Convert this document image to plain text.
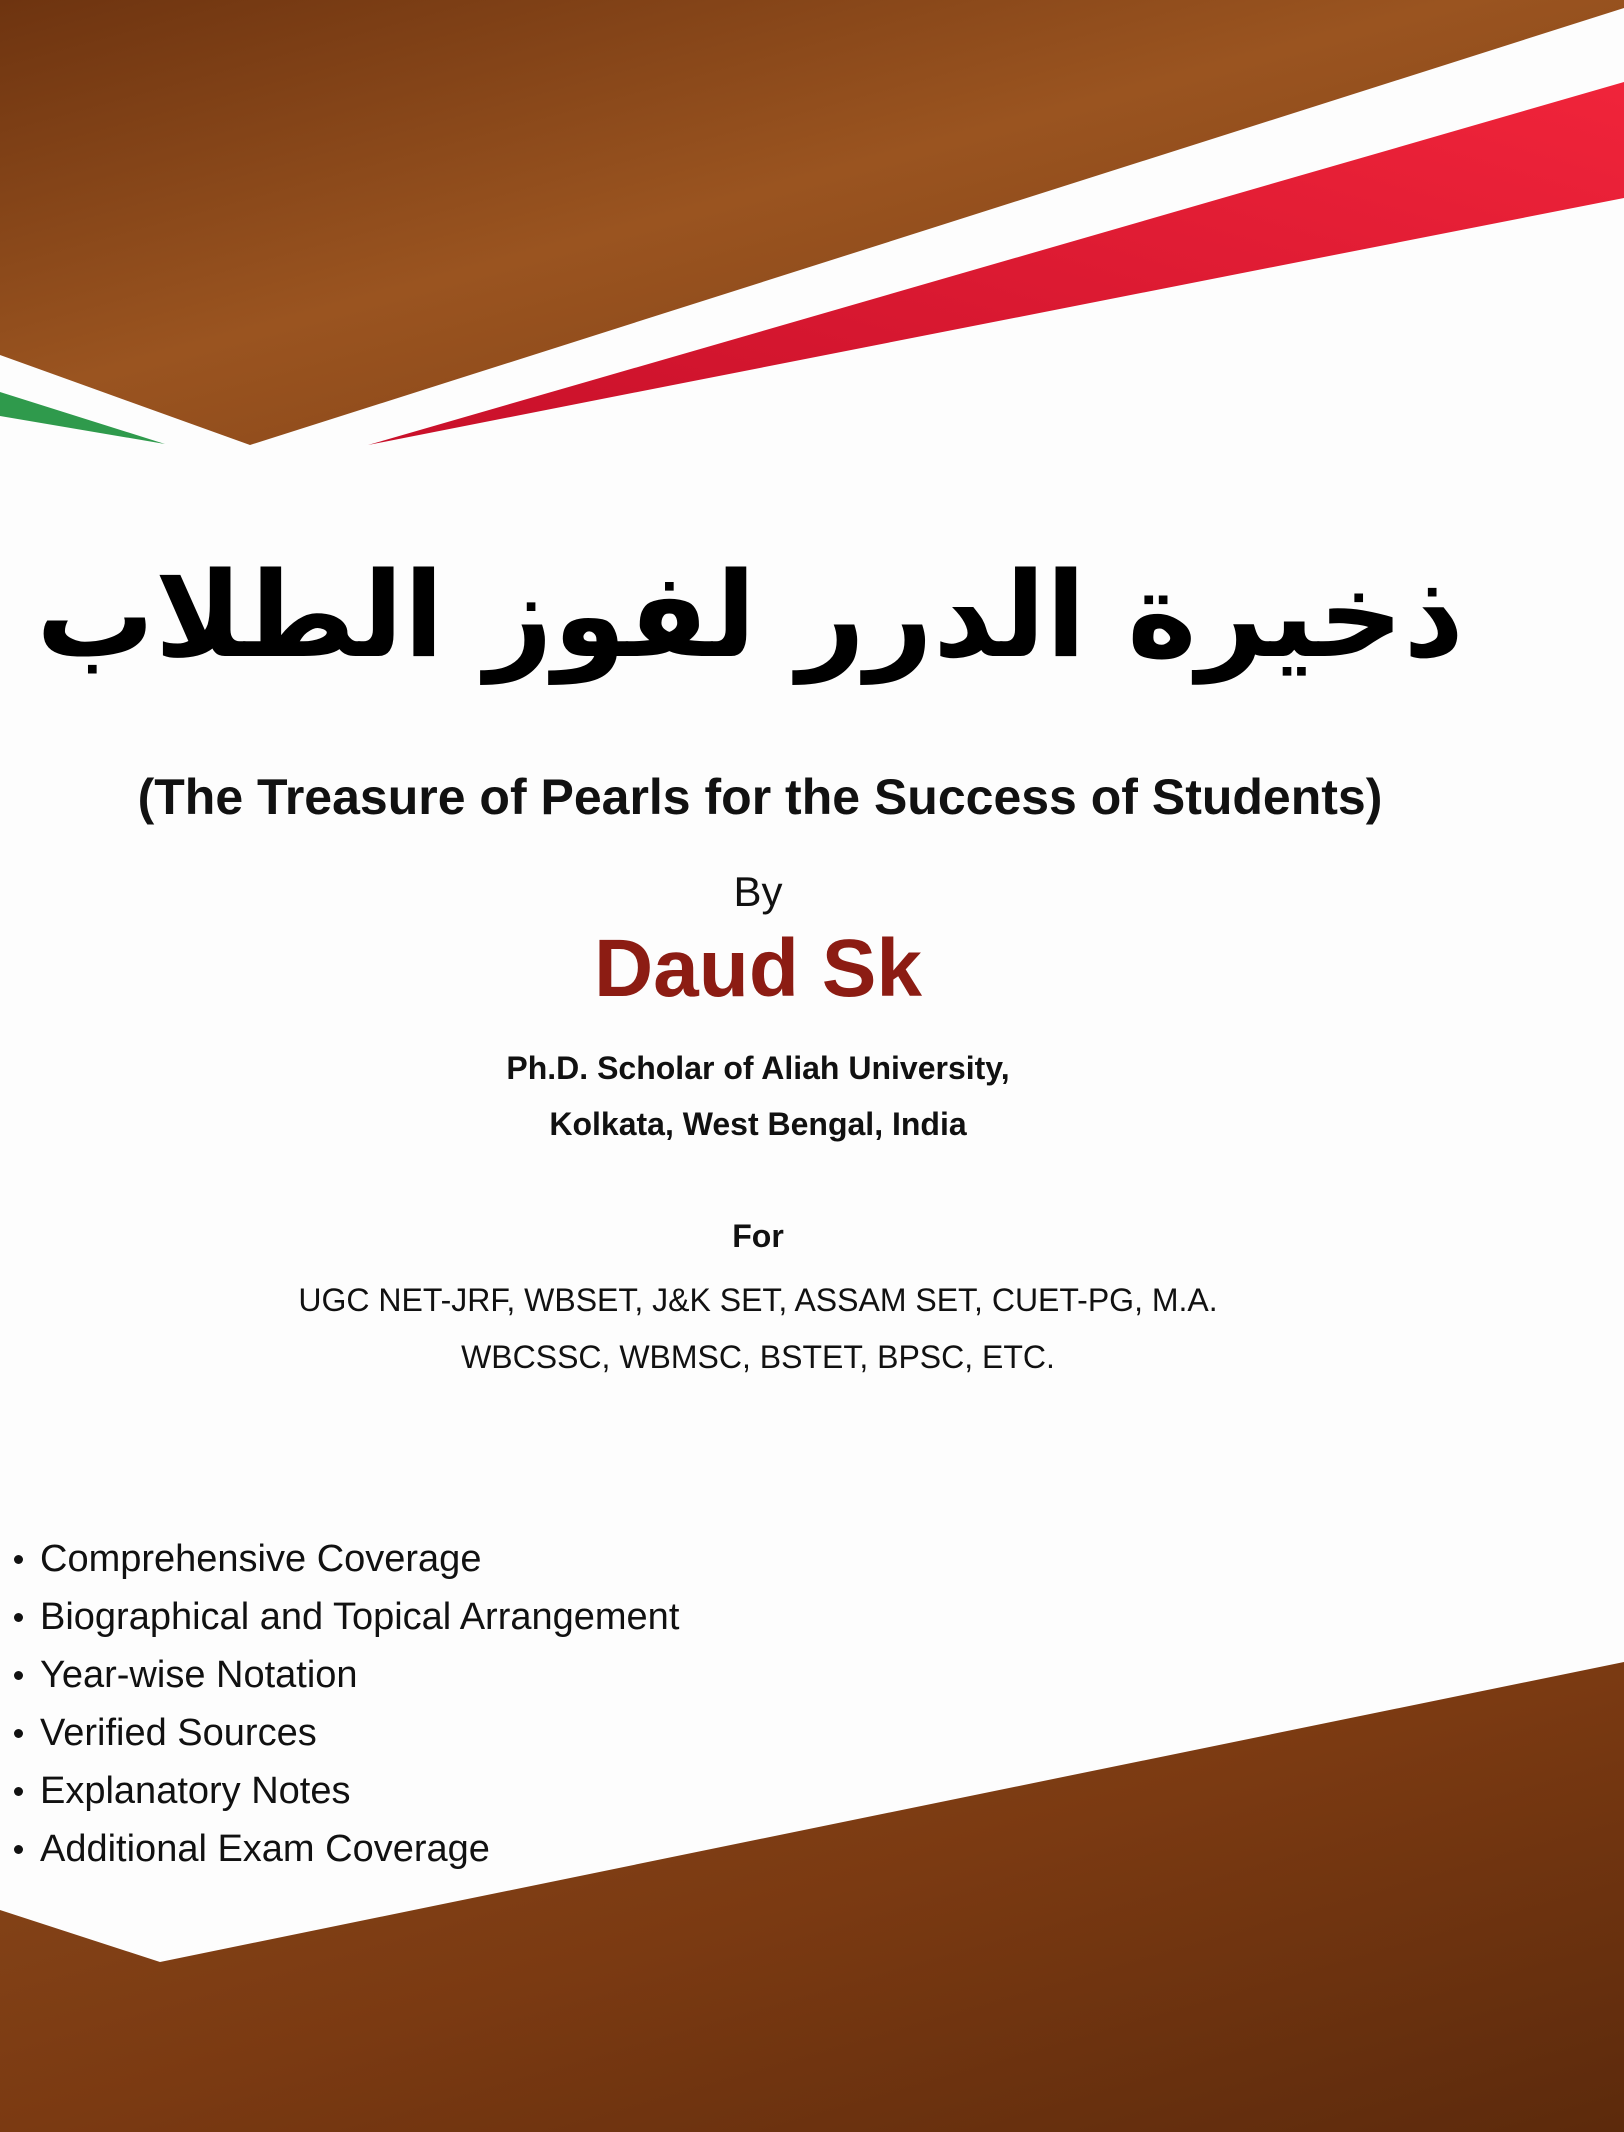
ذخيرة الدرر لفوز الطلاب
(The Treasure of Pearls for the Success of Students)
By
Daud Sk
Ph.D. Scholar of Aliah University,
Kolkata, West Bengal, India
For
UGC NET-JRF, WBSET, J&K SET, ASSAM SET, CUET-PG, M.A.
WBCSSC, WBMSC, BSTET, BPSC, ETC.
Comprehensive Coverage
Biographical and Topical Arrangement
Year-wise Notation
Verified Sources
Explanatory Notes
Additional Exam Coverage
